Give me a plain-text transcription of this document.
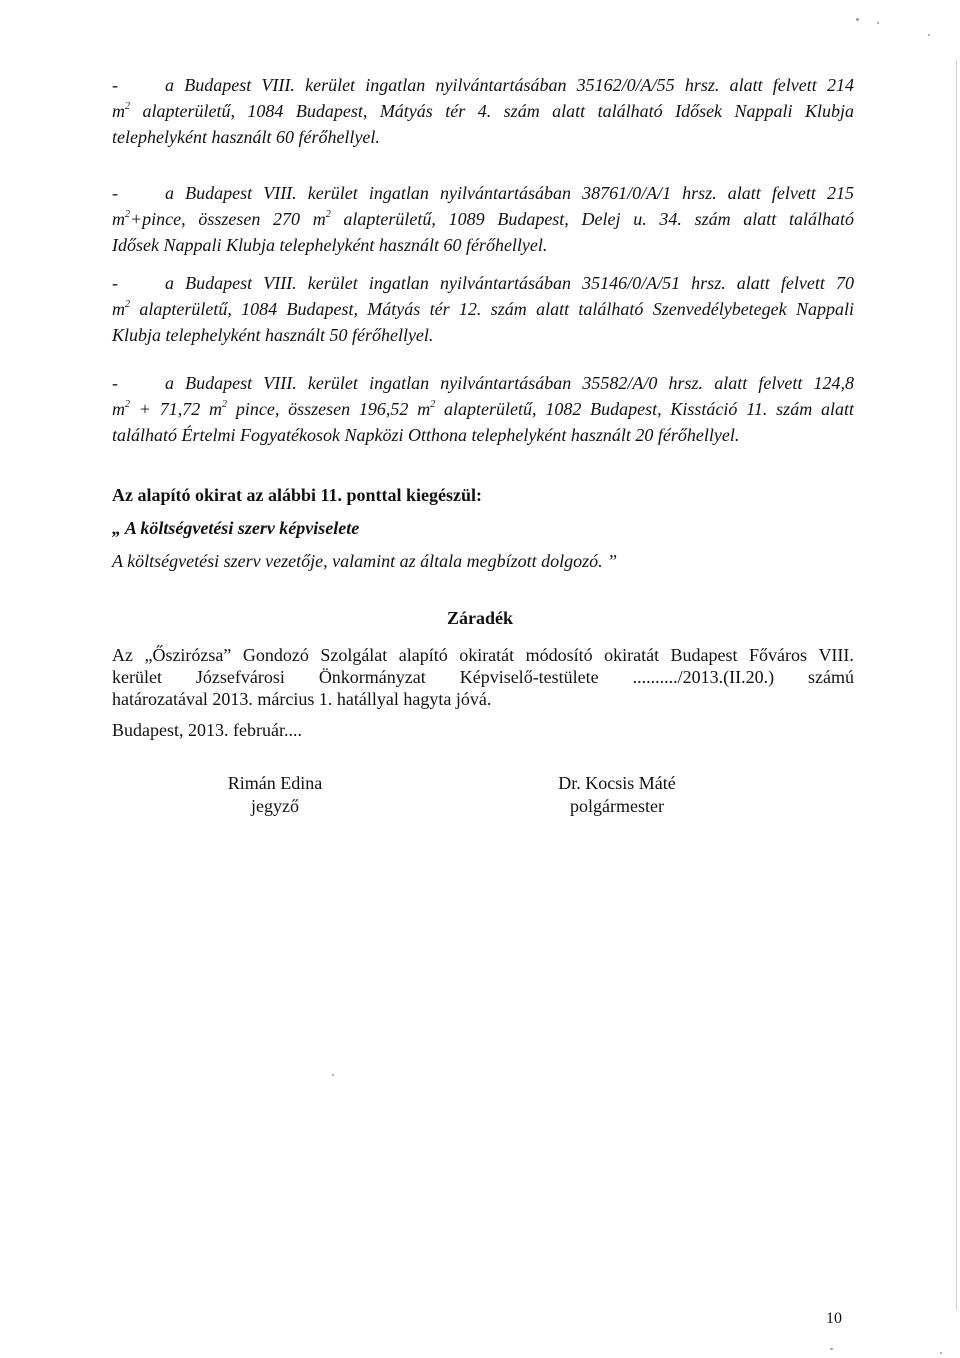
-	a Budapest VIII. kerület ingatlan nyilvántartásában 35162/0/A/55 hrsz. alatt felvett 214
$m^2$ alapterületű, 1084 Budapest, Mátyás tér 4. szám alatt található Idősek Nappali Klubja
telephelyként használt 60 férőhellyel.
-	a Budapest VIII. kerület ingatlan nyilvántartásában 38761/0/A/1 hrsz. alatt felvett 215
$m^2+pince$, összesen 270 $m^2$ alapterületű, 1089 Budapest, Delej u. 34. szám alatt található
Idősek Nappali Klubja telephelyként használt 60 férőhellyel.
-	a Budapest VIII. kerület ingatlan nyilvántartásában 35146/0/A/51 hrsz. alatt felvett 70
$m^2$ alapterületű, 1084 Budapest, Mátyás tér 12. szám alatt található Szenvedélybetegek Nappali
Klubja telephelyként használt 50 férőhellyel.
-	a Budapest VIII. kerület ingatlan nyilvántartásában 35582/A/0 hrsz. alatt felvett 124,8
$m^2 + 71,72$ $m^2$ pince, összesen 196,52 $m^2$ alapterületű, 1082 Budapest, Kisstáció 11. szám alatt
található Értelmi Fogyatékosok Napközi Otthona telephelyként használt 20 férőhellyel.
Az alapító okirat az alábbi 11. ponttal kiegészül:
„ A költségvetési szerv képviselete
A költségvetési szerv vezetője, valamint az általa megbízott dolgozó. ”
Záradék
Az „Őszirózsa” Gondozó Szolgálat alapító okiratát módosító okiratát Budapest Főváros VIII.
kerület Józsefvárosi Önkormányzat Képviselő-testülete ........../2013.(II.20.) számú
határozatával 2013. március 1. hatállyal hagyta jóvá.
Budapest, 2013. február....
Rimán Edina
jegyző
Dr. Kocsis Máté
polgármester
10
